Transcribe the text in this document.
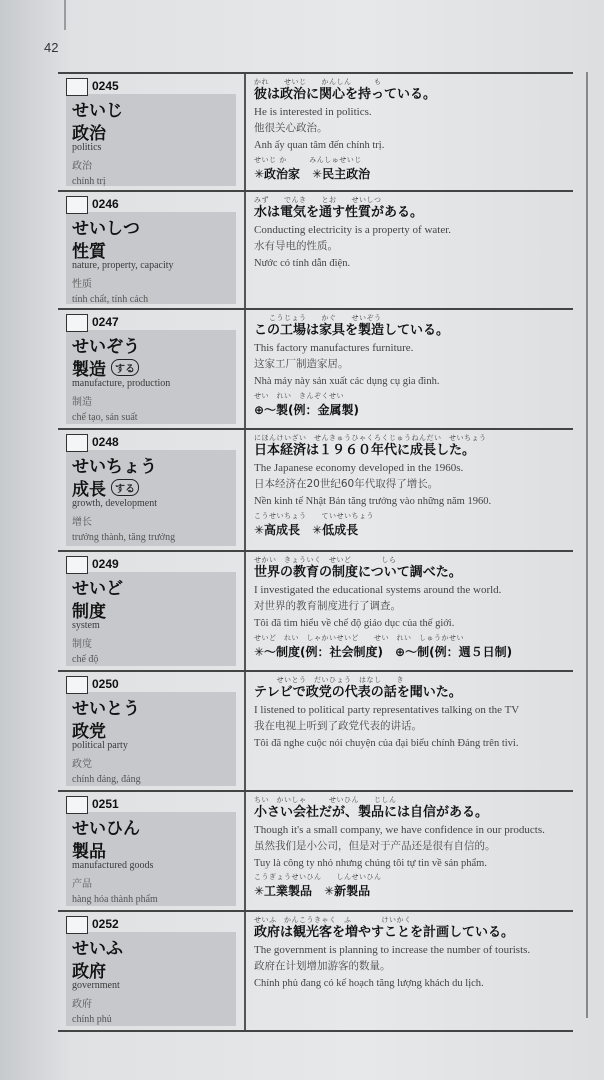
42
0245
せいじ
政治
politics
政治
chính trị
かれ　　せいじ　　かんしん　　　も
彼は政治に関心を持っている。
He is interested in politics.
他很关心政治。
Anh ấy quan tâm đến chính trị.
せいじ か　　　みんしゅせいじ
✳政治家　✳民主政治
0246
せいしつ
性質
nature, property, capacity
性质
tính chất, tính cách
みず　　でんき　　とお　　せいしつ
水は電気を通す性質がある。
Conducting electricity is a property of water.
水有导电的性质。
Nước có tính dẫn điện.
0247
せいぞう
製造 する
manufacture, production
制造
chế tạo, sản suất
　　こうじょう　　かぐ　　せいぞう
この工場は家具を製造している。
This factory manufactures furniture.
这家工厂制造家居。
Nhà máy này sản xuất các dụng cụ gia đình.
せい　れい　きんぞくせい
⊕～製(例：金属製)
0248
せいちょう
成長 する
growth, development
增长
trưởng thành, tăng trưởng
にほんけいざい　せんきゅうひゃくろくじゅうねんだい　せいちょう
日本経済は１９６０年代に成長した。
The Japanese economy developed in the 1960s.
日本经济在20世纪60年代取得了增长。
Nền kinh tế Nhật Bản tăng trưởng vào những năm 1960.
こうせいちょう　　ていせいちょう
✳高成長　✳低成長
0249
せいど
制度
system
制度
chế độ
せかい　きょういく　せいど　　　　しら
世界の教育の制度について調べた。
I investigated the educational systems around the world.
对世界的教育制度进行了调查。
Tôi đã tìm hiểu về chế độ giáo dục của thế giới.
せいど　れい　しゃかいせいど　　せい　れい　しゅうかせい
✳～制度(例：社会制度)　⊕～制(例：週５日制)
0250
せいとう
政党
political party
政党
chính đảng, đảng
　　　せいとう　だいひょう　はなし　　き
テレビで政党の代表の話を聞いた。
I listened to political party representatives talking on the TV
我在电视上听到了政党代表的讲话。
Tôi đã nghe cuộc nói chuyện của đại biểu chính Đảng trên tivi.
0251
せいひん
製品
manufactured goods
产品
hàng hóa thành phẩm
ちい　かいしゃ　　　せいひん　　じしん
小さい会社だが、製品には自信がある。
Though it's a small company, we have confidence in our products.
虽然我们是小公司，但是对于产品还是很有自信的。
Tuy là công ty nhỏ nhưng chúng tôi tự tin về sản phẩm.
こうぎょうせいひん　　しんせいひん
✳工業製品　✳新製品
0252
せいふ
政府
government
政府
chính phủ
せいふ　かんこうきゃく　ふ　　　　けいかく
政府は観光客を増やすことを計画している。
The government is planning to increase the number of tourists.
政府在计划增加游客的数量。
Chính phủ đang có kế hoạch tăng lượng khách du lịch.
